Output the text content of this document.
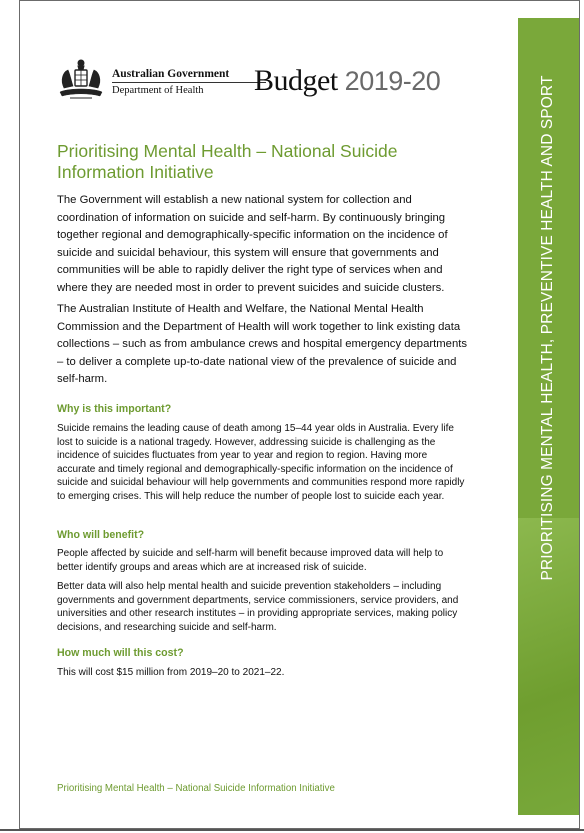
PRIORITISING MENTAL HEALTH, PREVENTIVE HEALTH AND SPORT
Australian Government
Department of Health Budget 2019-20
Prioritising Mental Health – National Suicide
Information Initiative
The Government will establish a new national system for collection and coordination of information on suicide and self-harm. By continuously bringing together regional and demographically-specific information on the incidence of suicide and suicidal behaviour, this system will ensure that governments and communities will be able to rapidly deliver the right type of services when and where they are needed most in order to prevent suicides and suicide clusters.
The Australian Institute of Health and Welfare, the National Mental Health Commission and the Department of Health will work together to link existing data collections – such as from ambulance crews and hospital emergency departments – to deliver a complete up-to-date national view of the prevalence of suicide and self-harm.
Why is this important?
Suicide remains the leading cause of death among 15–44 year olds in Australia. Every life lost to suicide is a national tragedy. However, addressing suicide is challenging as the incidence of suicides fluctuates from year to year and region to region. Having more accurate and timely regional and demographically-specific information on the incidence of suicide and suicidal behaviour will help governments and communities respond more rapidly to emerging crises. This will help reduce the number of people lost to suicide each year.
Who will benefit?
People affected by suicide and self-harm will benefit because improved data will help to better identify groups and areas which are at increased risk of suicide.
Better data will also help mental health and suicide prevention stakeholders – including governments and government departments, service commissioners, service providers, and universities and other research institutes – in providing appropriate services, making policy decisions, and researching suicide and self-harm.
How much will this cost?
This will cost $15 million from 2019–20 to 2021–22.
Prioritising Mental Health – National Suicide Information Initiative
